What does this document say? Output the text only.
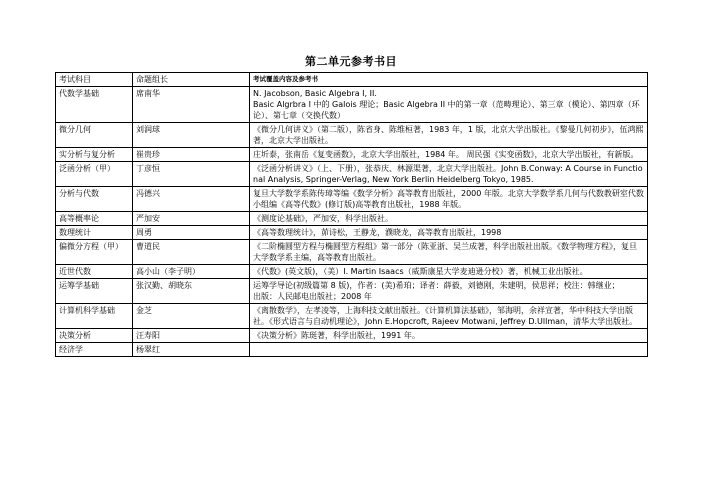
第二单元参考书目
考试科目	命题组长	考试覆盖内容及参考书
代数学基础	席南华	N. Jacobson, Basic Algebra I, II.
Basic Algrbra I 中的 Galois 理论；Basic Algebra II 中的第一章（范畴理论）、第三章（模论）、第四章（环论）、第七章（交换代数）

微分几何	刘润球	《微分几何讲义》（第二版），陈省身、陈维桓著，1983 年，1 版，北京大学出版社。《黎曼几何初步》，伍鸿熙著，北京大学出版社。

实分析与复分析	崔贵珍	庄圻泰，张南岳《复变函数》，北京大学出版社，1984 年。 周民强《实变函数》，北京大学出版社，有新版。

泛函分析（甲）	丁彦恒	《泛函分析讲义》（上、下册），张恭庆、林源渠著，北京大学出版社。John B.Conway: A Course in Functional Analysis, Springer-Verlag, New York Berlin Heidelberg Tokyo, 1985.

分析与代数	冯德兴	复旦大学数学系陈传璋等编《数学分析》高等教育出版社，2000 年版。北京大学数学系几何与代数教研室代数小组编《高等代数》(修订版)高等教育出版社，1988 年版。

高等概率论	严加安	《测度论基础》，严加安，科学出版社。

数理统计	周勇	《高等数理统计》，茆诗松，王静龙，濮晓龙，高等教育出版社，1998

偏微分方程（甲）	曹道民	《二阶椭圆型方程与椭圆型方程组》第一部分（陈亚浙、吴兰成著，科学出版社出版。《数学物理方程》，复旦大学数学系主编，高等教育出版社。

近世代数	高小山（李子明）	《代数》(英文版)，（美）I. Martin Isaacs（威斯康星大学麦迪逊分校）著，机械工业出版社。

运筹学基础	张汉勤、胡晓东	运筹学导论(初级篇第 8 版)，作者：(美)希珀；译者：薛毅，刘德刚，朱建明，侯思祥；校注：韩继业；
出版：人民邮电出版社；2008 年

计算机科学基础	金芝	《离散数学》，左孝凌等，上海科技文献出版社。《计算机算法基础》，邹海明，余祥宣著，华中科技大学出版社。《形式语言与自动机理论》，John E.Hopcroft, Rajeev Motwani, Jeffrey D.Ullman，清华大学出版社。

决策分析	汪寿阳	《决策分析》陈珽著，科学出版社，1991 年。

经济学	杨翠红	
